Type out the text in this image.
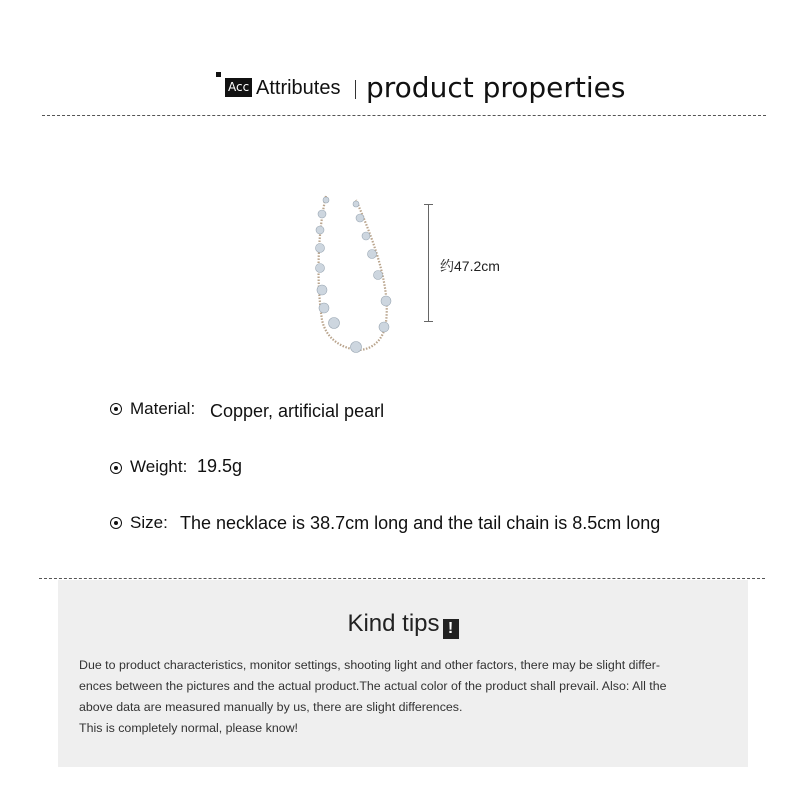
Acc Attributes product properties
约47.2cm
Material: Copper, artificial pearl
Weight: 19.5g
Size: The necklace is 38.7cm long and the tail chain is 8.5cm long
Kind tips !

Due to product characteristics, monitor settings, shooting light and other factors, there may be slight differ-

ences between the pictures and the actual product.The actual color of the product shall prevail. Also: All the

above data are measured manually by us, there are slight differences.

This is completely normal, please know!
